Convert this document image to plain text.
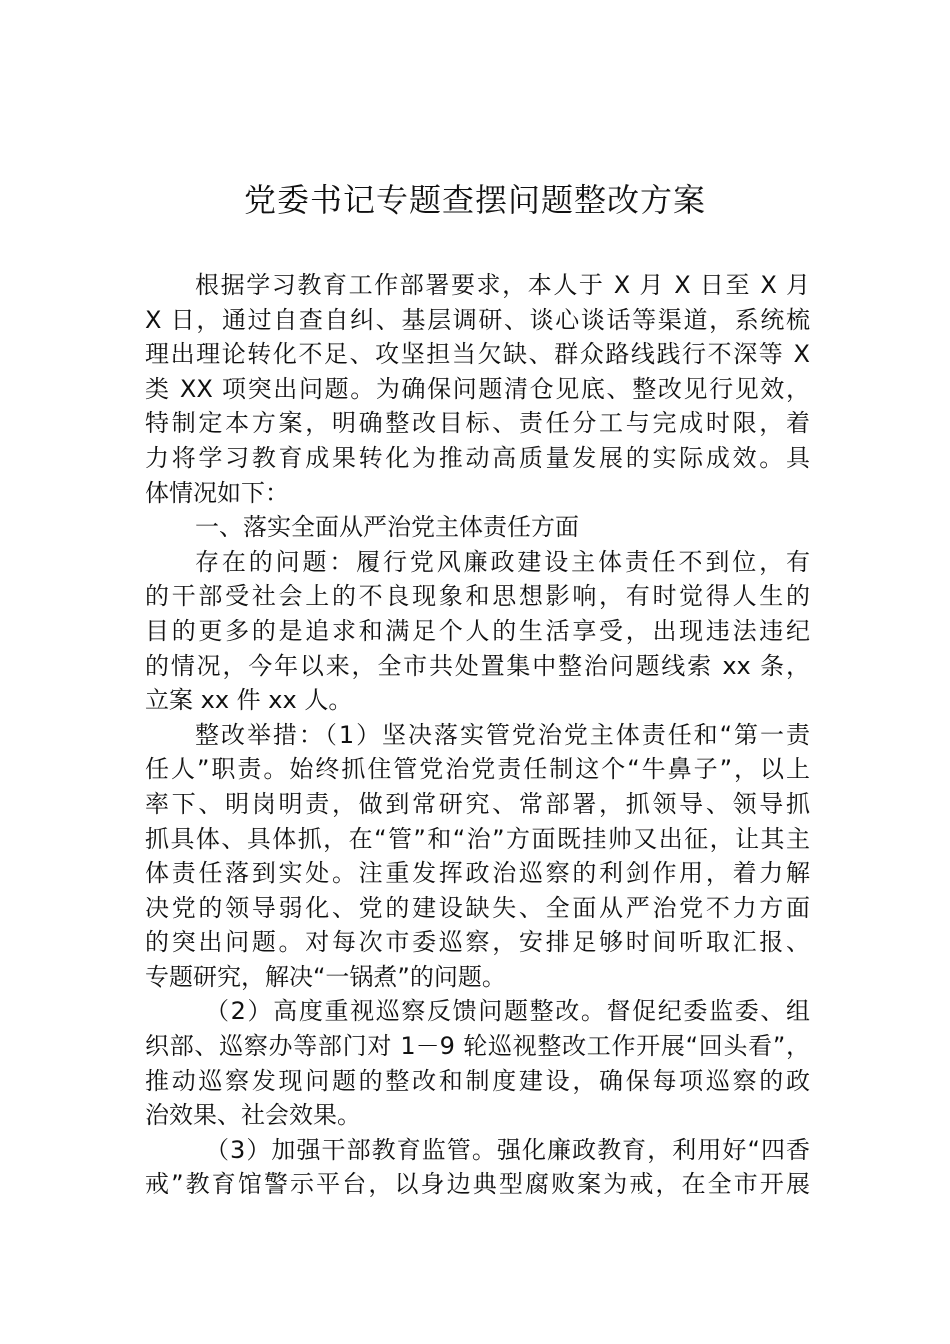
党委书记专题查摆问题整改方案
根据学习教育工作部署要求，本人于 X 月 X 日至 X 月
X 日，通过自查自纠、基层调研、谈心谈话等渠道，系统梳
理出理论转化不足、攻坚担当欠缺、群众路线践行不深等 X
类 XX 项突出问题。为确保问题清仓见底、整改见行见效，
特制定本方案，明确整改目标、责任分工与完成时限，着
力将学习教育成果转化为推动高质量发展的实际成效。具
体情况如下：
一、落实全面从严治党主体责任方面
存在的问题：履行党风廉政建设主体责任不到位，有
的干部受社会上的不良现象和思想影响，有时觉得人生的
目的更多的是追求和满足个人的生活享受，出现违法违纪
的情况，今年以来，全市共处置集中整治问题线索 xx 条，
立案 xx 件 xx 人。
整改举措：（1）坚决落实管党治党主体责任和“第一责
任人”职责。始终抓住管党治党责任制这个“牛鼻子”，以上
率下、明岗明责，做到常研究、常部署，抓领导、领导抓
抓具体、具体抓，在“管”和“治”方面既挂帅又出征，让其主
体责任落到实处。注重发挥政治巡察的利剑作用，着力解
决党的领导弱化、党的建设缺失、全面从严治党不力方面
的突出问题。对每次市委巡察，安排足够时间听取汇报、
专题研究，解决“一锅煮”的问题。
（2）高度重视巡察反馈问题整改。督促纪委监委、组
织部、巡察办等部门对 1－9 轮巡视整改工作开展“回头看”，
推动巡察发现问题的整改和制度建设，确保每项巡察的政
治效果、社会效果。
（3）加强干部教育监管。强化廉政教育，利用好“四香
戒”教育馆警示平台，以身边典型腐败案为戒，在全市开展
